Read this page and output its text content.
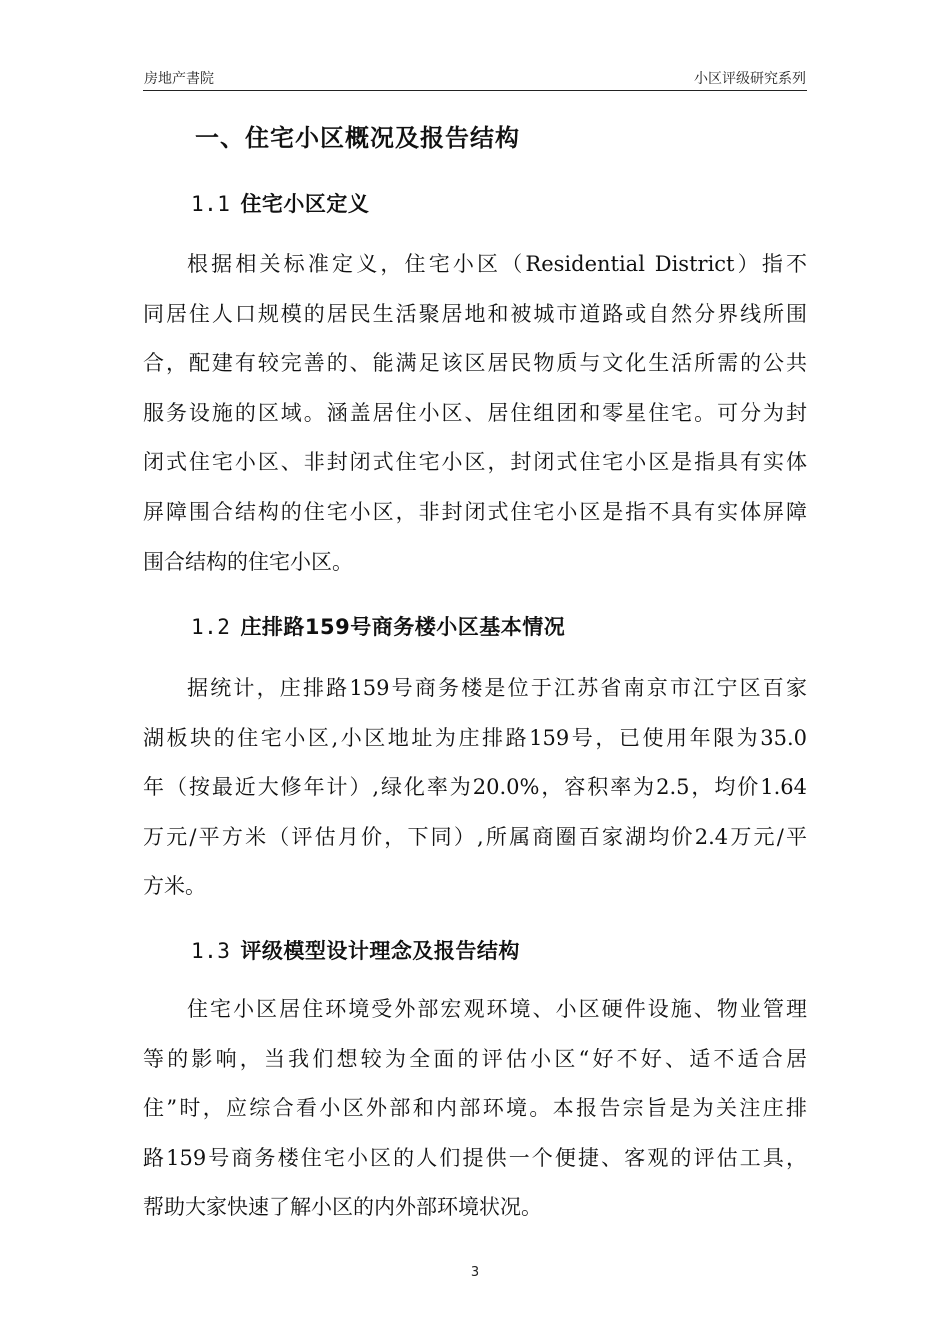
房地产書院	小区评级研究系列
一、住宅小区概况及报告结构
1.1 住宅小区定义
根据相关标准定义，住宅小区（Residential District）指不
同居住人口规模的居民生活聚居地和被城市道路或自然分界线所围
合，配建有较完善的、能满足该区居民物质与文化生活所需的公共
服务设施的区域。涵盖居住小区、居住组团和零星住宅。可分为封
闭式住宅小区、非封闭式住宅小区，封闭式住宅小区是指具有实体
屏障围合结构的住宅小区，非封闭式住宅小区是指不具有实体屏障
围合结构的住宅小区。
1.2 庄排路159号商务楼小区基本情况
据统计，庄排路159号商务楼是位于江苏省南京市江宁区百家
湖板块的住宅小区,小区地址为庄排路159号，已使用年限为35.0
年（按最近大修年计）,绿化率为20.0%，容积率为2.5，均价1.64
万元/平方米（评估月价，下同）,所属商圈百家湖均价2.4万元/平
方米。
1.3 评级模型设计理念及报告结构
住宅小区居住环境受外部宏观环境、小区硬件设施、物业管理
等的影响，当我们想较为全面的评估小区“好不好、适不适合居
住”时，应综合看小区外部和内部环境。本报告宗旨是为关注庄排
路159号商务楼住宅小区的人们提供一个便捷、客观的评估工具，
帮助大家快速了解小区的内外部环境状况。
3
